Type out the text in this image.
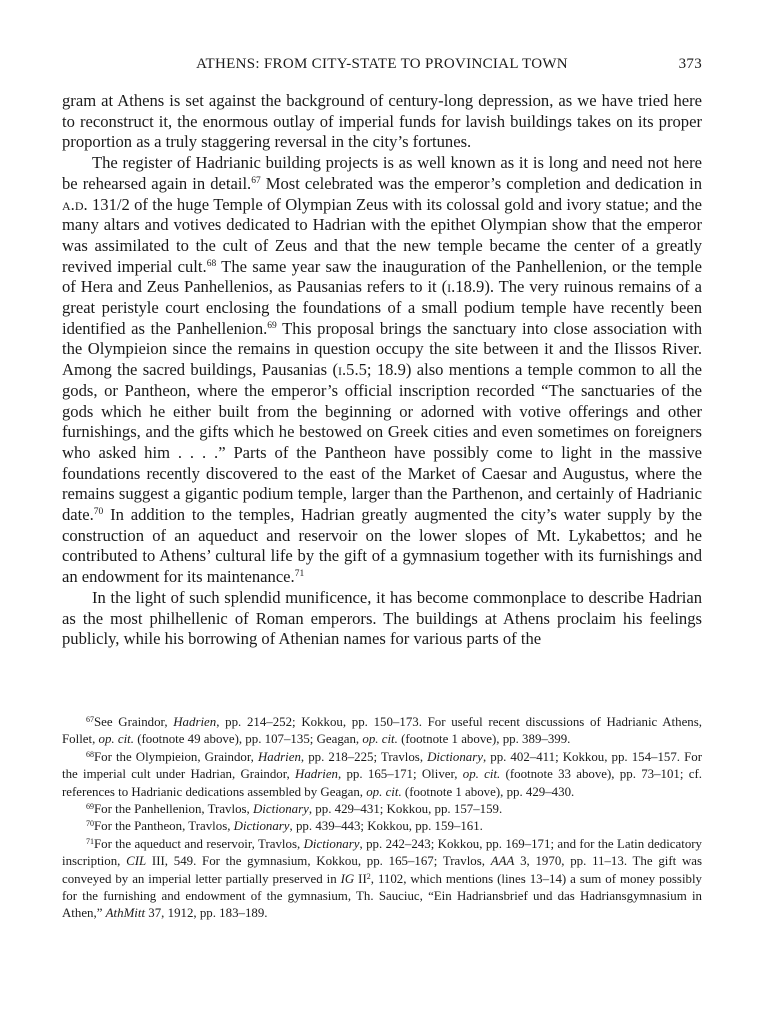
ATHENS: FROM CITY-STATE TO PROVINCIAL TOWN	373

gram at Athens is set against the background of century-long depression, as we have tried here to reconstruct it, the enormous outlay of imperial funds for lavish buildings takes on its proper proportion as a truly staggering reversal in the city’s fortunes.

The register of Hadrianic building projects is as well known as it is long and need not here be rehearsed again in detail.$^{67}$ Most celebrated was the emperor’s completion and dedication in a.d. 131/2 of the huge Temple of Olympian Zeus with its colossal gold and ivory statue; and the many altars and votives dedicated to Hadrian with the epithet Olympian show that the emperor was assimilated to the cult of Zeus and that the new temple became the center of a greatly revived imperial cult.$^{68}$ The same year saw the inauguration of the Panhellenion, or the temple of Hera and Zeus Panhellenios, as Pausanias refers to it (i.18.9). The very ruinous remains of a great peristyle court enclosing the foundations of a small podium temple have recently been identified as the Panhellenion.$^{69}$ This proposal brings the sanctuary into close association with the Olympieion since the remains in question occupy the site between it and the Ilissos River. Among the sacred buildings, Pausanias (i.5.5; 18.9) also mentions a temple common to all the gods, or Pantheon, where the emperor’s official inscription recorded “The sanctuaries of the gods which he either built from the beginning or adorned with votive offerings and other furnishings, and the gifts which he bestowed on Greek cities and even sometimes on foreigners who asked him . . . .” Parts of the Pantheon have possibly come to light in the massive foundations recently discovered to the east of the Market of Caesar and Augustus, where the remains suggest a gigantic podium temple, larger than the Parthenon, and certainly of Hadrianic date.$^{70}$ In addition to the temples, Hadrian greatly augmented the city’s water supply by the construction of an aqueduct and reservoir on the lower slopes of Mt. Lykabettos; and he contributed to Athens’ cultural life by the gift of a gymnasium together with its furnishings and an endowment for its maintenance.$^{71}$

In the light of such splendid munificence, it has become commonplace to describe Hadrian as the most philhellenic of Roman emperors. The buildings at Athens proclaim his feelings publicly, while his borrowing of Athenian names for various parts of the

$^{67}$See Graindor, Hadrien, pp. 214–252; Kokkou, pp. 150–173. For useful recent discussions of Hadrianic Athens, Follet, op. cit. (footnote 49 above), pp. 107–135; Geagan, op. cit. (footnote 1 above), pp. 389–399.

$^{68}$For the Olympieion, Graindor, Hadrien, pp. 218–225; Travlos, Dictionary, pp. 402–411; Kokkou, pp. 154–157. For the imperial cult under Hadrian, Graindor, Hadrien, pp. 165–171; Oliver, op. cit. (footnote 33 above), pp. 73–101; cf. references to Hadrianic dedications assembled by Geagan, op. cit. (footnote 1 above), pp. 429–430.

$^{69}$For the Panhellenion, Travlos, Dictionary, pp. 429–431; Kokkou, pp. 157–159.

$^{70}$For the Pantheon, Travlos, Dictionary, pp. 439–443; Kokkou, pp. 159–161.

$^{71}$For the aqueduct and reservoir, Travlos, Dictionary, pp. 242–243; Kokkou, pp. 169–171; and for the Latin dedicatory inscription, CIL III, 549. For the gymnasium, Kokkou, pp. 165–167; Travlos, AAA 3, 1970, pp. 11–13. The gift was conveyed by an imperial letter partially preserved in IG $II^2$, 1102, which mentions (lines 13–14) a sum of money possibly for the furnishing and endowment of the gymnasium, Th. Sauciuc, “Ein Hadriansbrief und das Hadriansgymnasium in Athen,” AthMitt 37, 1912, pp. 183–189.
